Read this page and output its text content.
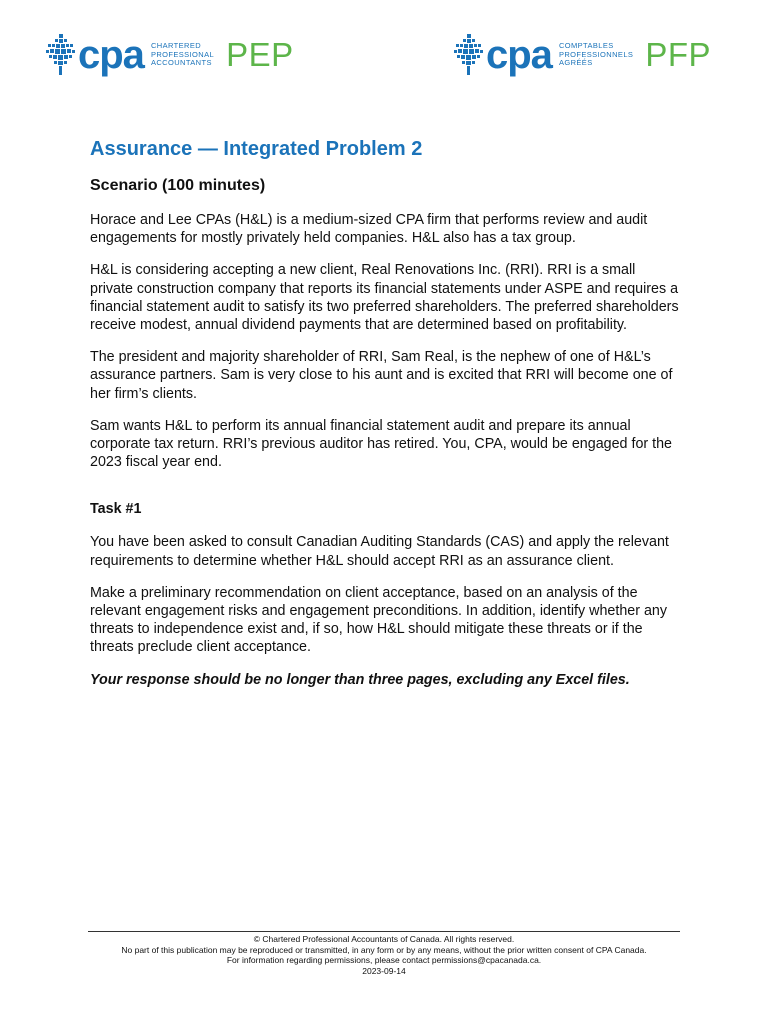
cpa CHARTERED
PROFESSIONAL
ACCOUNTANTS PEP	cpa COMPTABLES
PROFESSIONNELS
AGRÉÉS	PFP
Assurance — Integrated Problem 2
Scenario (100 minutes)

Horace and Lee CPAs (H&L) is a medium-sized CPA firm that performs review and audit engagements for mostly privately held companies. H&L also has a tax group.

H&L is considering accepting a new client, Real Renovations Inc. (RRI). RRI is a small private construction company that reports its financial statements under ASPE and requires a financial statement audit to satisfy its two preferred shareholders. The preferred shareholders receive modest, annual dividend payments that are determined based on profitability.

The president and majority shareholder of RRI, Sam Real, is the nephew of one of H&L’s assurance partners. Sam is very close to his aunt and is excited that RRI will become one of her firm’s clients.

Sam wants H&L to perform its annual financial statement audit and prepare its annual corporate tax return. RRI’s previous auditor has retired. You, CPA, would be engaged for the 2023 fiscal year end.

Task #1

You have been asked to consult Canadian Auditing Standards (CAS) and apply the relevant requirements to determine whether H&L should accept RRI as an assurance client.

Make a preliminary recommendation on client acceptance, based on an analysis of the relevant engagement risks and engagement preconditions. In addition, identify whether any threats to independence exist and, if so, how H&L should mitigate these threats or if the threats preclude client acceptance.

Your response should be no longer than three pages, excluding any Excel files.

© Chartered Professional Accountants of Canada. All rights reserved.
No part of this publication may be reproduced or transmitted, in any form or by any means, without the prior written consent of CPA Canada.
For information regarding permissions, please contact permissions@cpacanada.ca.
2023-09-14
